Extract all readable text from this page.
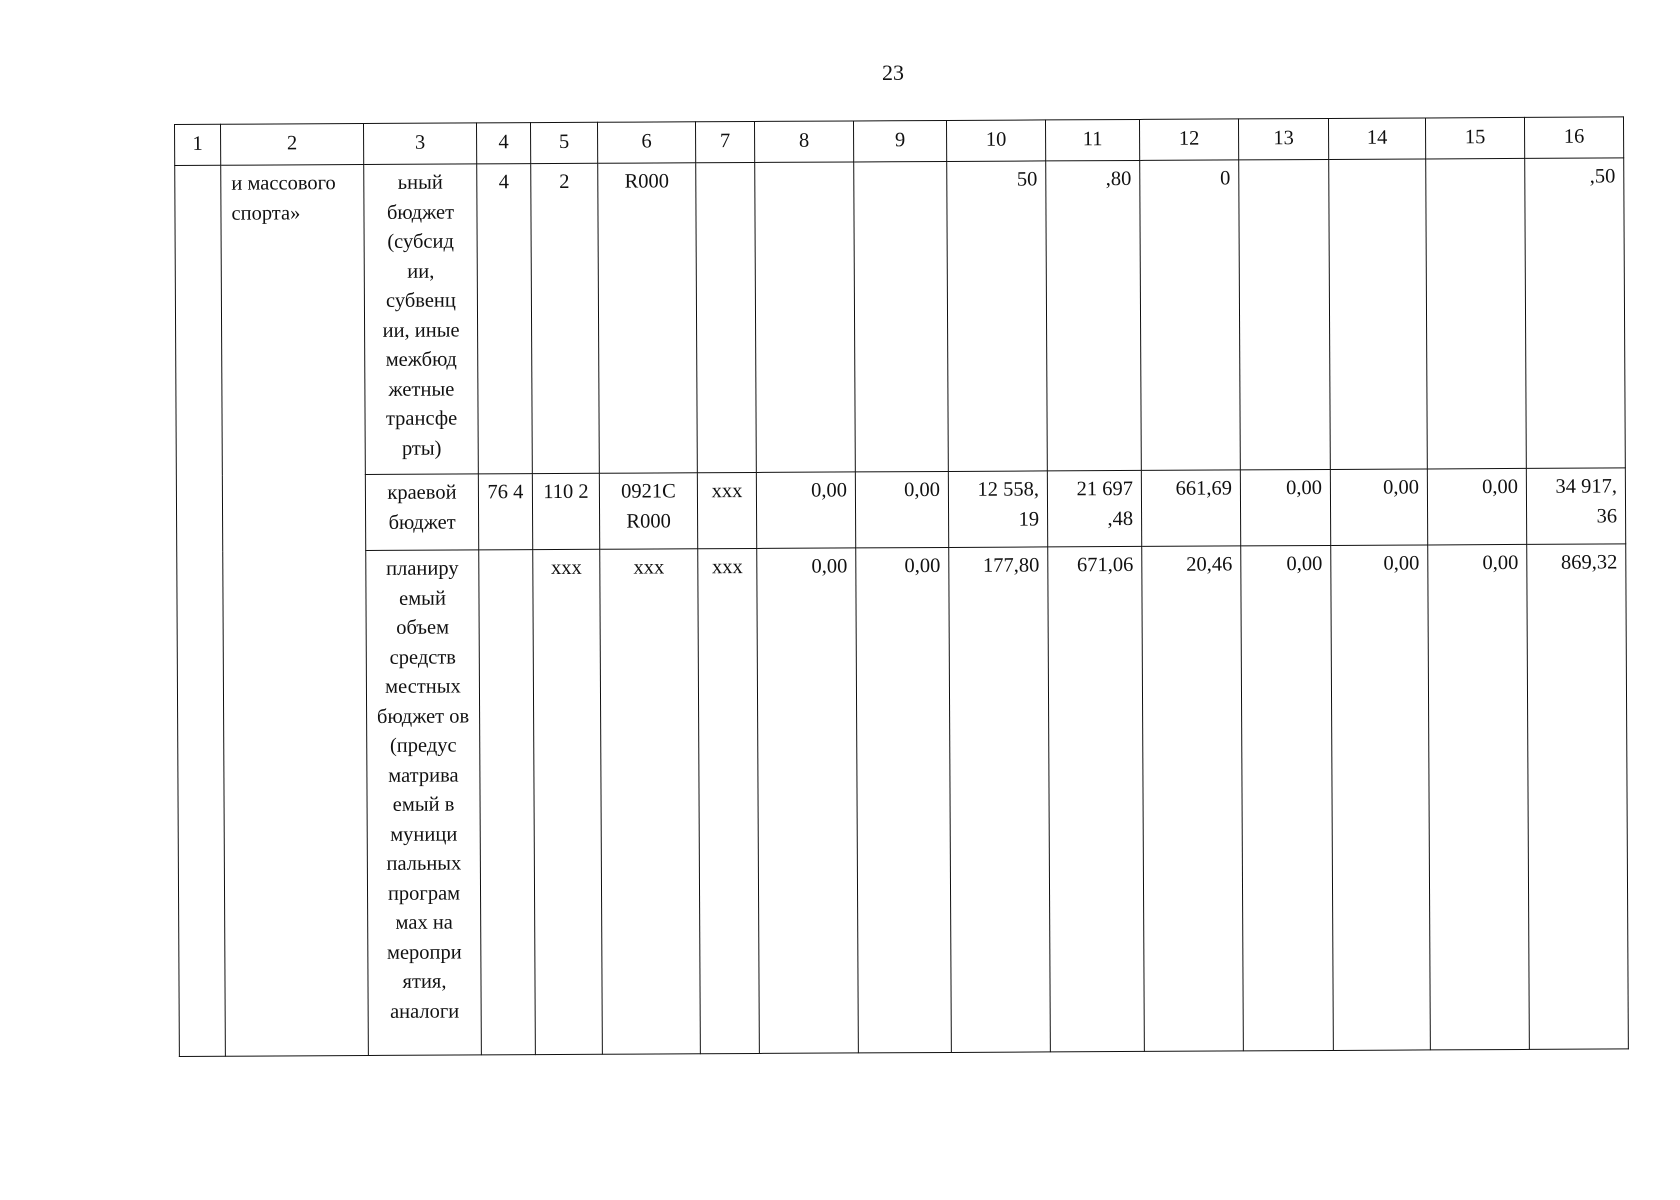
23
1	2	3	4	5	6	7	8	9	10	11	12	13	14	15	16
	и массового спорта»	ьный бюджет (субсид ии, субвенц ии, иные межбюд жетные трансфе рты)	4	2	R000				50	,80	0				,50
		краевой бюджет	76 4	110 2	0921C R000	xxx	0,00	0,00	12 558, 19	21 697 ,48	661,69	0,00	0,00	0,00	34 917, 36
		планиру емый объем средств местных бюджет ов (предус матрива емый в муници пальных програм мах на меропри ятия, аналоги		xxx	xxx	xxx	0,00	0,00	177,80	671,06	20,46	0,00	0,00	0,00	869,32
